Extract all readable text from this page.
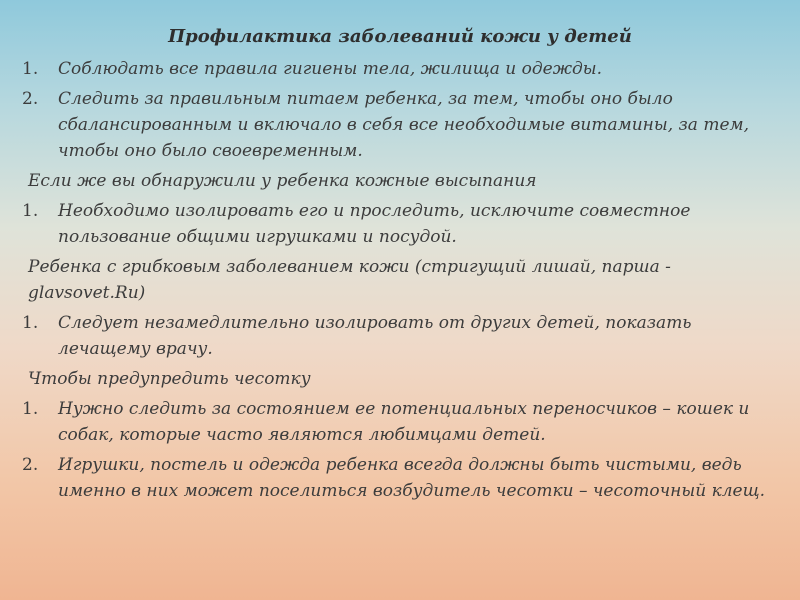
Профилактика заболеваний кожи у детей
1.	Соблюдать все правила гигиены тела, жилища и одежды.
2.	Следить за правильным питаем ребенка, за тем, чтобы оно было сбалансированным и включало в себя все необходимые витамины, за тем, чтобы оно было своевременным.
Если же вы обнаружили у ребенка кожные высыпания
1.	Необходимо изолировать его и проследить, исключите совместное пользование общими игрушками и посудой.
Ребенка с грибковым заболеванием кожи (стригущий лишай, парша - glavsovet.Ru)
1.	Следует незамедлительно изолировать от других детей, показать лечащему врачу.
Чтобы предупредить чесотку
1.	Нужно следить за состоянием ее потенциальных переносчиков – кошек и собак, которые часто являются любимцами детей.
2.	Игрушки, постель и одежда ребенка всегда должны быть чистыми, ведь именно в них может поселиться возбудитель чесотки – чесоточный клещ.
